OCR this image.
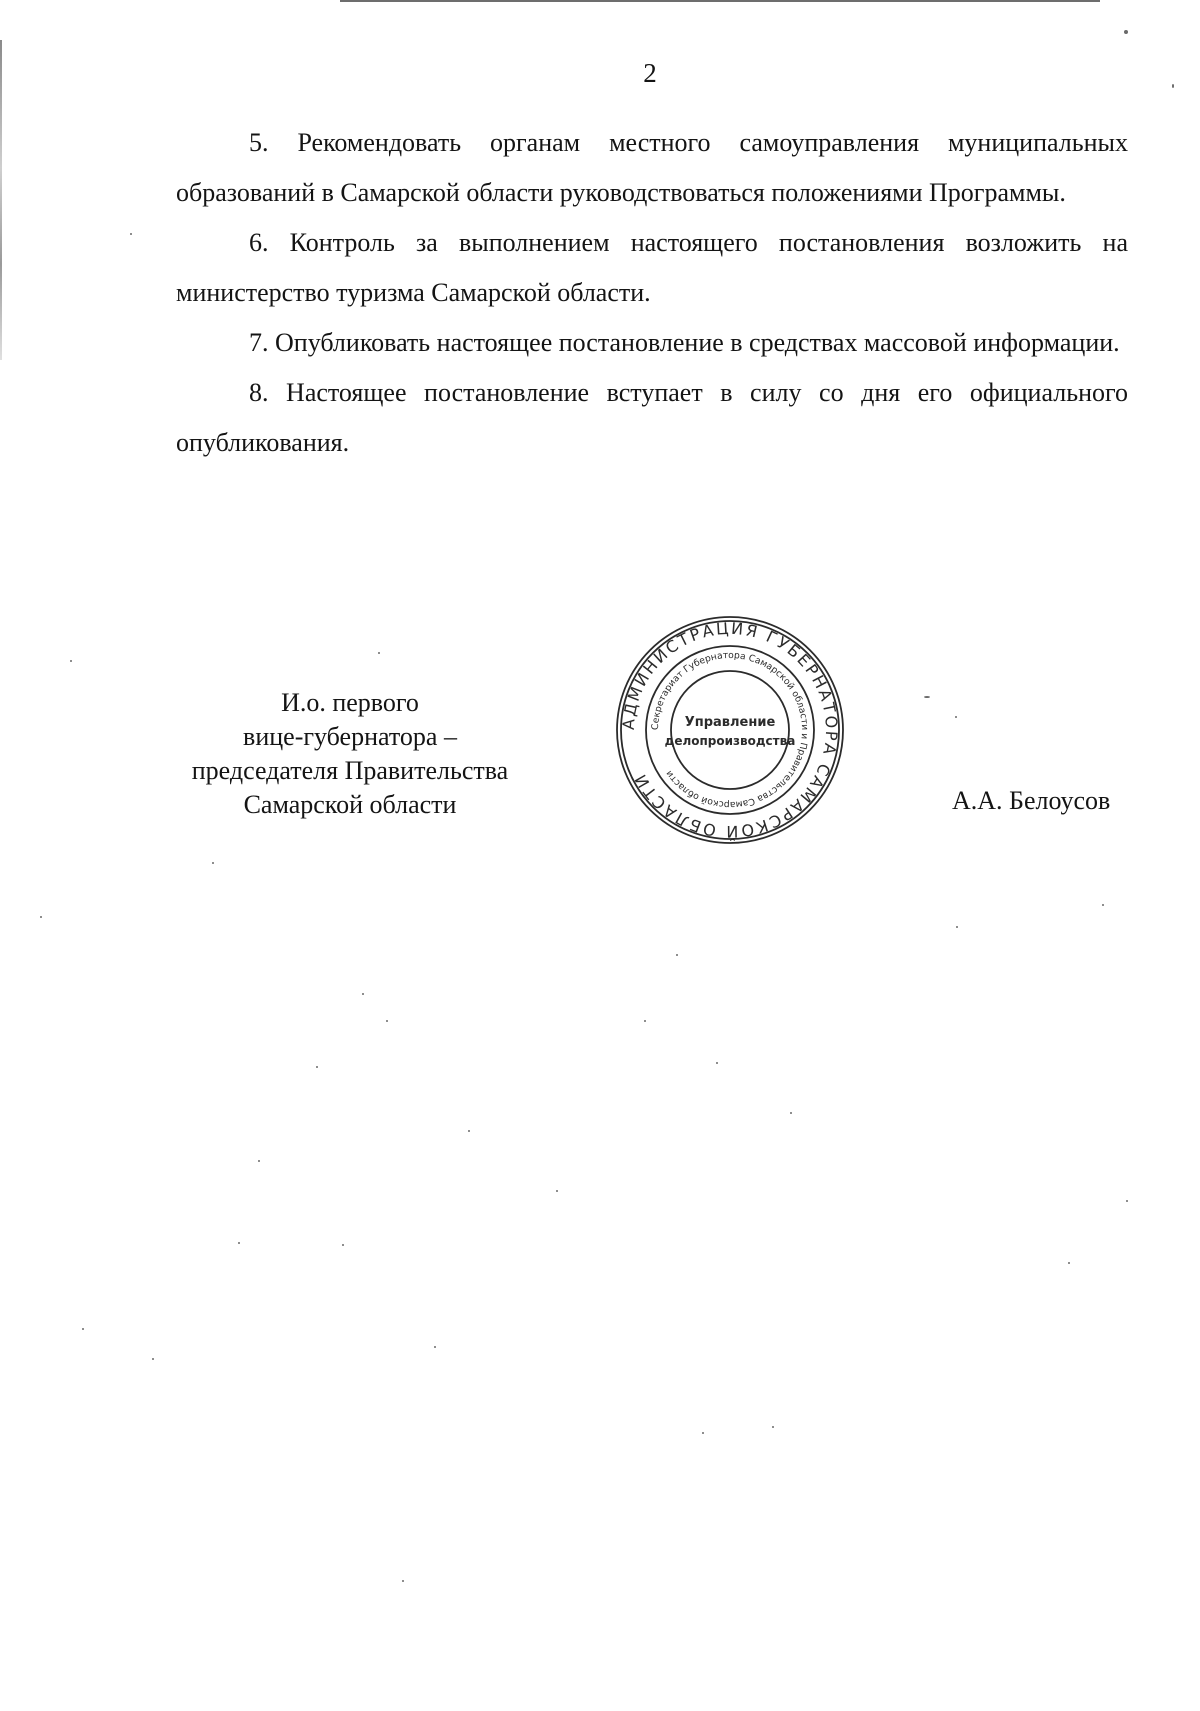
2

5. Рекомендовать органам местного самоуправления муниципальных образований в Самарской области руководствоваться положениями Программы.

6. Контроль за выполнением настоящего постановления возложить на министерство туризма Самарской области.

7. Опубликовать настоящее постановление в средствах массовой информации.

8. Настоящее постановление вступает в силу со дня его официального опубликования.

И.о. первого
вице-губернатора –
председателя Правительства
Самарской области
АДМИНИСТРАЦИЯ ГУБЕРНАТОРА САМАРСКОЙ ОБЛАСТИ
Секретариат Губернатора Самарской области и Правительства Самарской области
Управление
делопроизводства
А.А. Белоусов
